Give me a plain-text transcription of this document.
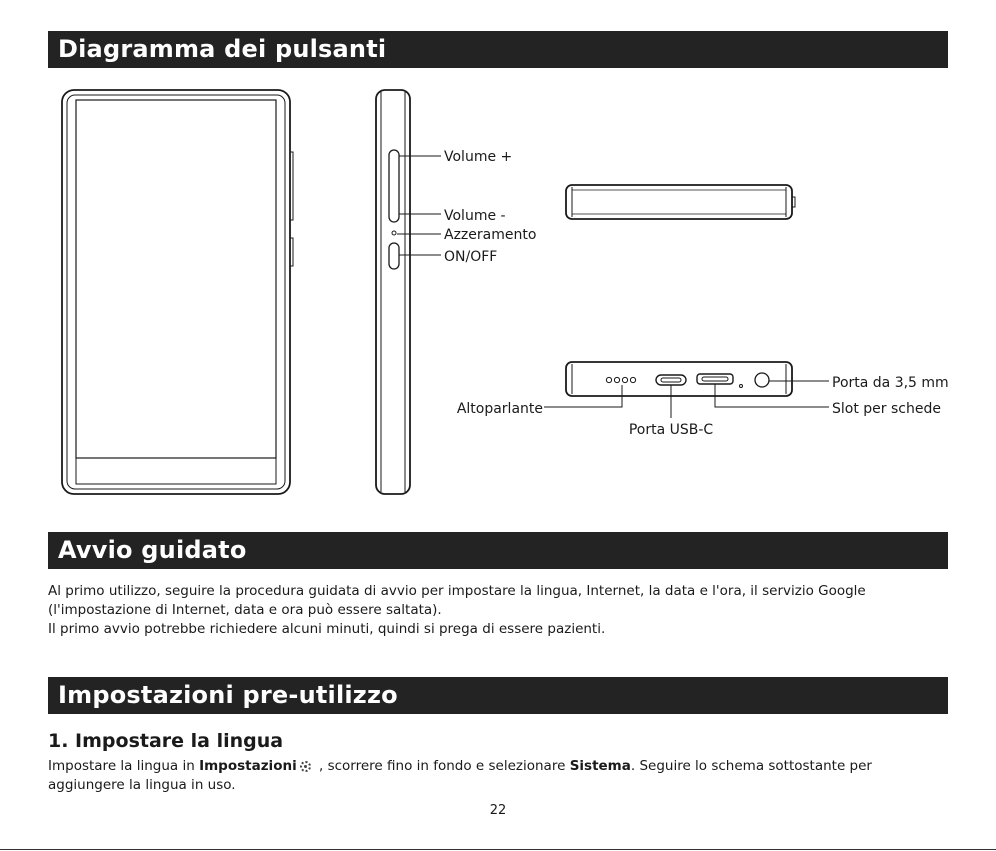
Diagramma dei pulsanti
Volume +
Volume -
Azzeramento
ON/OFF
Porta da 3,5 mm
Slot per schede
Altoparlante
Porta USB-C
Avvio guidato

Al primo utilizzo, seguire la procedura guidata di avvio per impostare la lingua, Internet, la data e l'ora, il servizio Google

(l'impostazione di Internet, data e ora può essere saltata).

Il primo avvio potrebbe richiedere alcuni minuti, quindi si prega di essere pazienti.

Impostazioni pre-utilizzo
1. Impostare la lingua
Impostare la lingua in Impostazioni , scorrere fino in fondo e selezionare Sistema. Seguire lo schema sottostante per aggiungere la lingua in uso.
22
